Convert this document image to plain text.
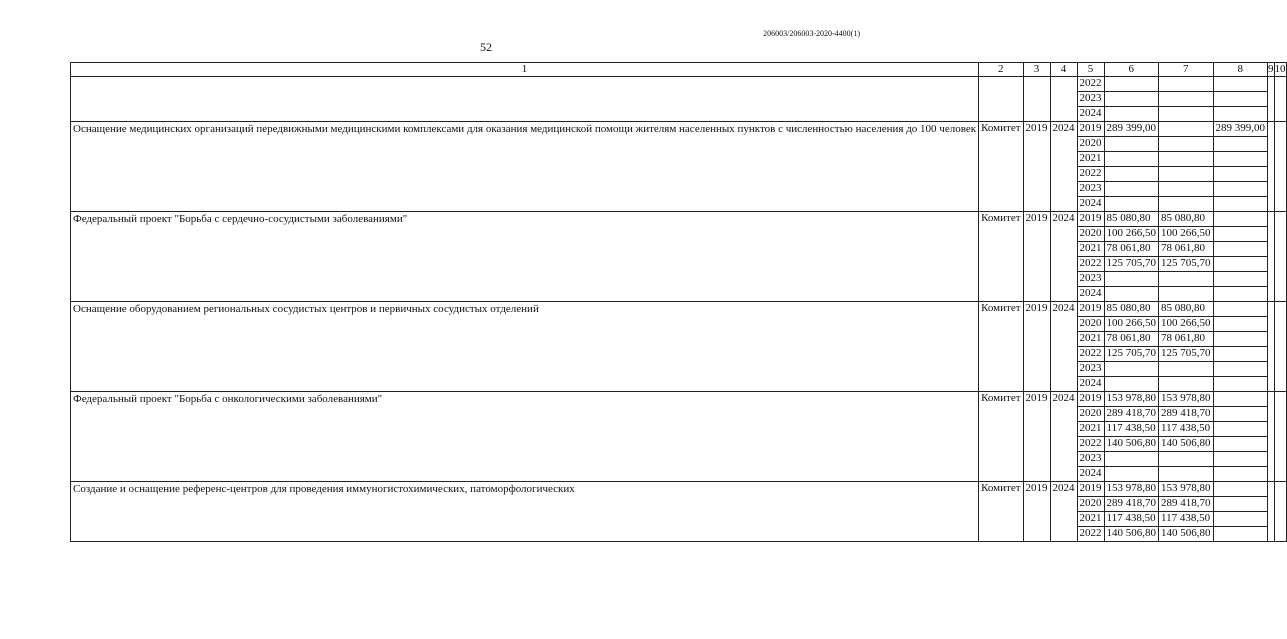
206003/206003-2020-4400(1)
52
1	2	3	4	5	6	7	8	9	10
				2022					
				2023					
				2024					
Оснащение медицинских организаций передвижными медицинскими комплексами для оказания медицинской помощи жителям населенных пунктов с численностью населения до 100 человек	Комитет	2019	2024	2019	289 399,00		289 399,00		
				2020					
				2021					
				2022					
				2023					
				2024					
Федеральный проект "Борьба с сердечно-сосудистыми заболеваниями"	Комитет	2019	2024	2019	85 080,80	85 080,80			
				2020	100 266,50	100 266,50			
				2021	78 061,80	78 061,80			
				2022	125 705,70	125 705,70			
				2023					
				2024					
Оснащение оборудованием региональных сосудистых центров и первичных сосудистых отделений	Комитет	2019	2024	2019	85 080,80	85 080,80			
				2020	100 266,50	100 266,50			
				2021	78 061,80	78 061,80			
				2022	125 705,70	125 705,70			
				2023					
				2024					
Федеральный проект "Борьба с онкологическими заболеваниями"	Комитет	2019	2024	2019	153 978,80	153 978,80			
				2020	289 418,70	289 418,70			
				2021	117 438,50	117 438,50			
				2022	140 506,80	140 506,80			
				2023					
				2024					
Создание и оснащение референс-центров для проведения иммуногистохимических, патоморфологических	Комитет	2019	2024	2019	153 978,80	153 978,80			
				2020	289 418,70	289 418,70			
				2021	117 438,50	117 438,50			
				2022	140 506,80	140 506,80			
